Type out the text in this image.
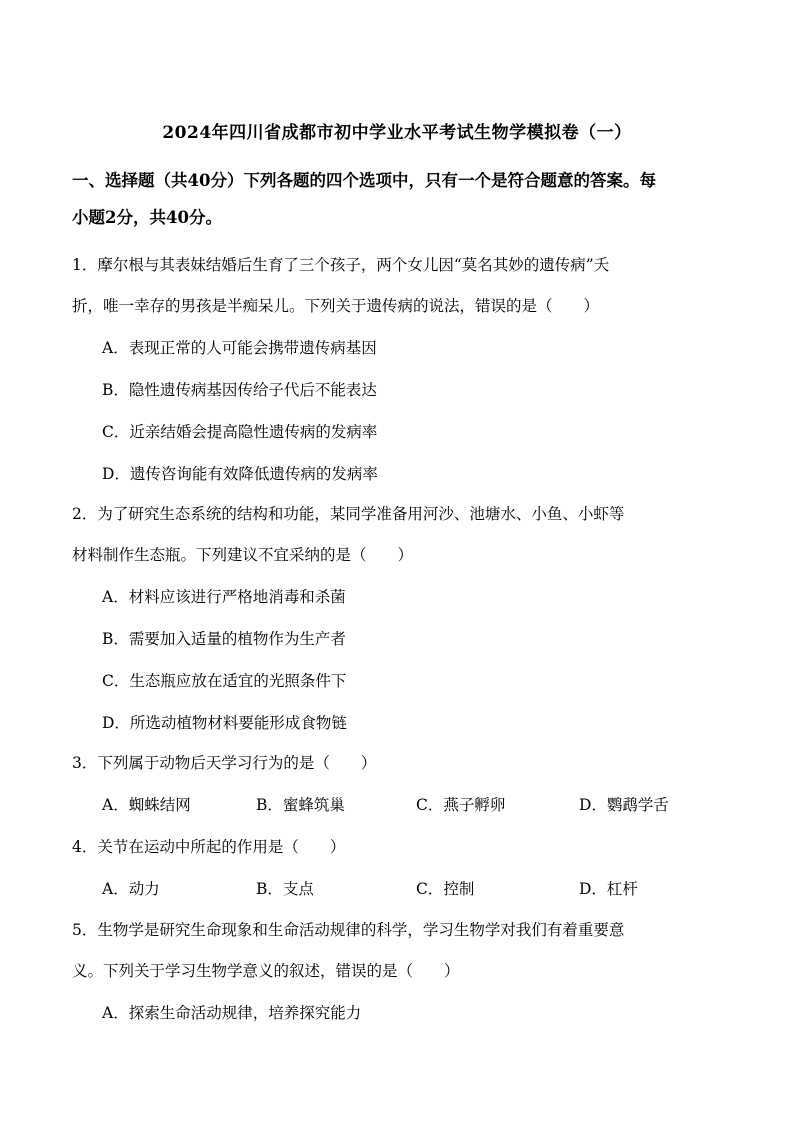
2024年四川省成都市初中学业水平考试生物学模拟卷（一）
一、选择题（共40分）下列各题的四个选项中，只有一个是符合题意的答案。每
小题2分，共40分。
1．摩尔根与其表妹结婚后生育了三个孩子，两个女儿因“莫名其妙的遗传病”夭
折，唯一幸存的男孩是半痴呆儿。下列关于遗传病的说法，错误的是（　　）
A．表现正常的人可能会携带遗传病基因
B．隐性遗传病基因传给子代后不能表达
C．近亲结婚会提高隐性遗传病的发病率
D．遗传咨询能有效降低遗传病的发病率
2．为了研究生态系统的结构和功能，某同学准备用河沙、池塘水、小鱼、小虾等
材料制作生态瓶。下列建议不宜采纳的是（　　）
A．材料应该进行严格地消毒和杀菌
B．需要加入适量的植物作为生产者
C．生态瓶应放在适宜的光照条件下
D．所选动植物材料要能形成食物链
3．下列属于动物后天学习行为的是（　　）
A．蜘蛛结网	B．蜜蜂筑巢	C．燕子孵卵	D．鹦鹉学舌
4．关节在运动中所起的作用是（　　）
A．动力	B．支点	C．控制	D．杠杆
5．生物学是研究生命现象和生命活动规律的科学，学习生物学对我们有着重要意
义。下列关于学习生物学意义的叙述，错误的是（　　）
A．探索生命活动规律，培养探究能力
